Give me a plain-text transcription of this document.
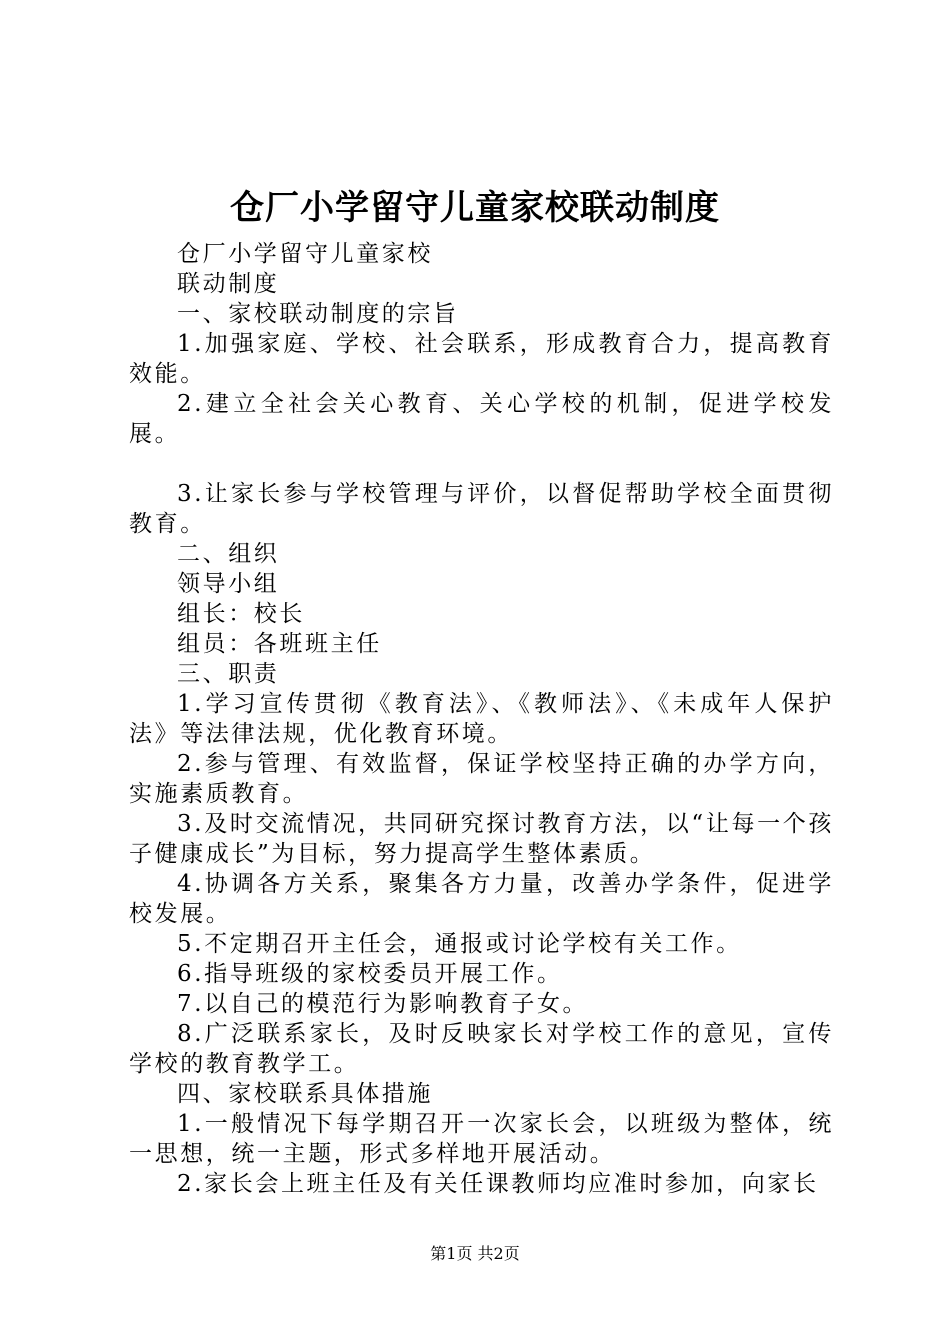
仓厂小学留守儿童家校联动制度

仓厂小学留守儿童家校

联动制度

一、家校联动制度的宗旨

1.加强家庭、学校、社会联系，形成教育合力，提高教育效能。

2.建立全社会关心教育、关心学校的机制，促进学校发展。

3.让家长参与学校管理与评价，以督促帮助学校全面贯彻教育。

二、组织

领导小组

组长：校长

组员：各班班主任

三、职责

1.学习宣传贯彻《教育法》、《教师法》、《未成年人保护法》等法律法规，优化教育环境。

2.参与管理、有效监督，保证学校坚持正确的办学方向，实施素质教育。

3.及时交流情况，共同研究探讨教育方法，以“让每一个孩子健康成长”为目标，努力提高学生整体素质。

4.协调各方关系，聚集各方力量，改善办学条件，促进学校发展。

5.不定期召开主任会，通报或讨论学校有关工作。

6.指导班级的家校委员开展工作。

7.以自己的模范行为影响教育子女。

8.广泛联系家长，及时反映家长对学校工作的意见，宣传学校的教育教学工。

四、家校联系具体措施

1.一般情况下每学期召开一次家长会，以班级为整体，统一思想，统一主题，形式多样地开展活动。

2.家长会上班主任及有关任课教师均应准时参加，向家长

第1页 共2页
